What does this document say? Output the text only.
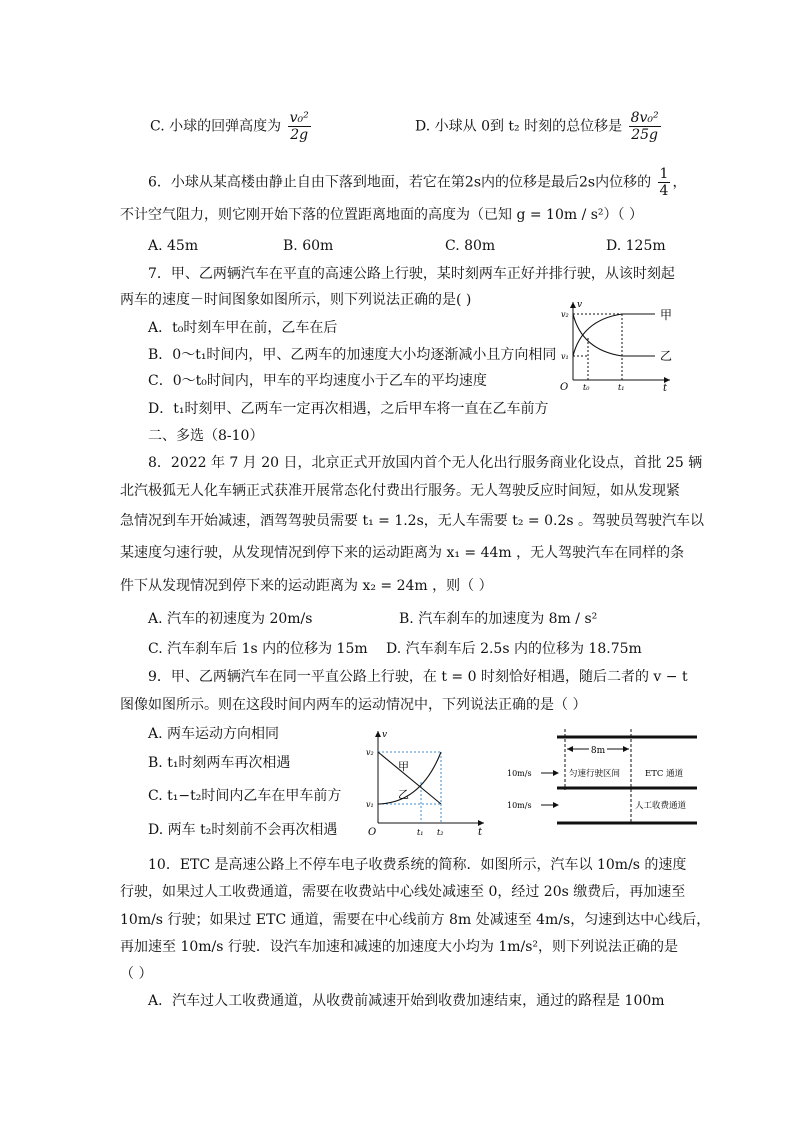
C. 小球的回弹高度为 $\frac{\text{v₀²}}{2g}$	D. 小球从 0到 t₂ 时刻的总位移是 $\frac{\text{8v₀²}}{25g}$
6．小球从某高楼由静止自由下落到地面，若它在第2s内的位移是最后2s内位移的 $\frac{1}{4}$ ，
不计空气阻力，则它刚开始下落的位置距离地面的高度为（已知 g = 10m / s²）（ ）
A. 45m	B. 60m	C. 80m	D. 125m
7．甲、乙两辆汽车在平直的高速公路上行驶，某时刻两车正好并排行驶，从该时刻起
两车的速度－时间图象如图所示，则下列说法正确的是( )
A．t₀时刻车甲在前，乙车在后
B．0～t₁时间内，甲、乙两车的加速度大小均逐渐减小且方向相同
C．0～t₀时间内，甲车的平均速度小于乙车的平均速度
D．t₁时刻甲、乙两车一定再次相遇，之后甲车将一直在乙车前方
v
t
O
v₂
v₁
t₀	t₁
甲
乙
二、多选（8-10）
8．2022 年 7 月 20 日，北京正式开放国内首个无人化出行服务商业化设点，首批 25 辆
北汽极狐无人化车辆正式获准开展常态化付费出行服务。无人驾驶反应时间短，如从发现紧
急情况到车开始减速，酒驾驾驶员需要 t₁ = 1.2s，无人车需要 t₂ = 0.2s 。驾驶员驾驶汽车以
某速度匀速行驶，从发现情况到停下来的运动距离为 x₁ = 44m ，无人驾驶汽车在同样的条
件下从发现情况到停下来的运动距离为 x₂ = 24m ，则（ ）
A. 汽车的初速度为 20m/s	B. 汽车刹车的加速度为 8m / s²
C. 汽车刹车后 1s 内的位移为 15m D. 汽车刹车后 2.5s 内的位移为 18.75m
9．甲、乙两辆汽车在同一平直公路上行驶，在 t = 0 时刻恰好相遇，随后二者的 v − t
图像如图所示。则在这段时间内两车的运动情况中，下列说法正确的是（ ）
A. 两车运动方向相同
B. t₁时刻两车再次相遇
C. t₁−t₂时间内乙车在甲车前方
D. 两车 t₂时刻前不会再次相遇
v
t
O
v₂
v₁
t₁ t₂
甲
乙
8m
10m/s
10m/s
匀速行驶区间	ETC 通道
人工收费通道
10．ETC 是高速公路上不停车电子收费系统的简称．如图所示，汽车以 10m/s 的速度
行驶，如果过人工收费通道，需要在收费站中心线处减速至 0，经过 20s 缴费后，再加速至
10m/s 行驶；如果过 ETC 通道，需要在中心线前方 8m 处减速至 4m/s，匀速到达中心线后，
再加速至 10m/s 行驶．设汽车加速和减速的加速度大小均为 1m/s²，则下列说法正确的是
（ ）
A．汽车过人工收费通道，从收费前减速开始到收费加速结束，通过的路程是 100m
